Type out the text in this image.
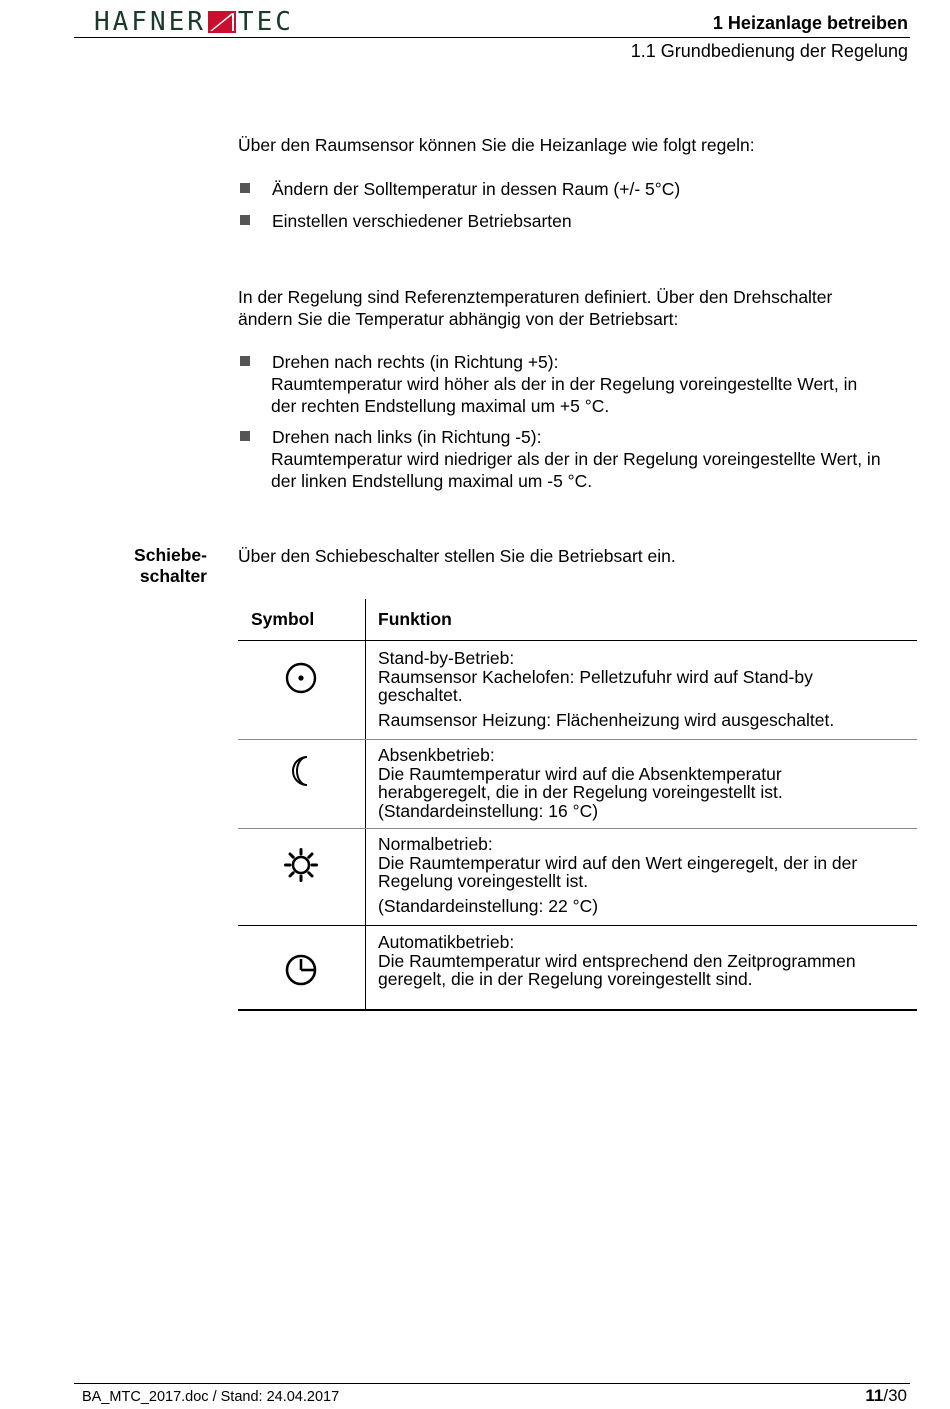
HAFNER TEC	1 Heizanlage betreiben
1.1 Grundbedienung der Regelung
Über den Raumsensor können Sie die Heizanlage wie folgt regeln:
Ändern der Solltemperatur in dessen Raum (+/- 5°C)
Einstellen verschiedener Betriebsarten
In der Regelung sind Referenztemperaturen definiert. Über den Drehschalter
ändern Sie die Temperatur abhängig von der Betriebsart:
Drehen nach rechts (in Richtung +5):
Raumtemperatur wird höher als der in der Regelung voreingestellte Wert, in
der rechten Endstellung maximal um +5 °C.
Drehen nach links (in Richtung -5):
Raumtemperatur wird niedriger als der in der Regelung voreingestellte Wert, in
der linken Endstellung maximal um -5 °C.
Schiebe-
schalter
Über den Schiebeschalter stellen Sie die Betriebsart ein.
Symbol	Funktion
Stand-by-Betrieb:
Raumsensor Kachelofen: Pelletzufuhr wird auf Stand-by
geschaltet.
Raumsensor Heizung: Flächenheizung wird ausgeschaltet.
Absenkbetrieb:
Die Raumtemperatur wird auf die Absenktemperatur
herabgeregelt, die in der Regelung voreingestellt ist.
(Standardeinstellung: 16 °C)
Normalbetrieb:
Die Raumtemperatur wird auf den Wert eingeregelt, der in der
Regelung voreingestellt ist.
(Standardeinstellung: 22 °C)
Automatikbetrieb:
Die Raumtemperatur wird entsprechend den Zeitprogrammen
geregelt, die in der Regelung voreingestellt sind.
BA_MTC_2017.doc / Stand: 24.04.2017	11/30
